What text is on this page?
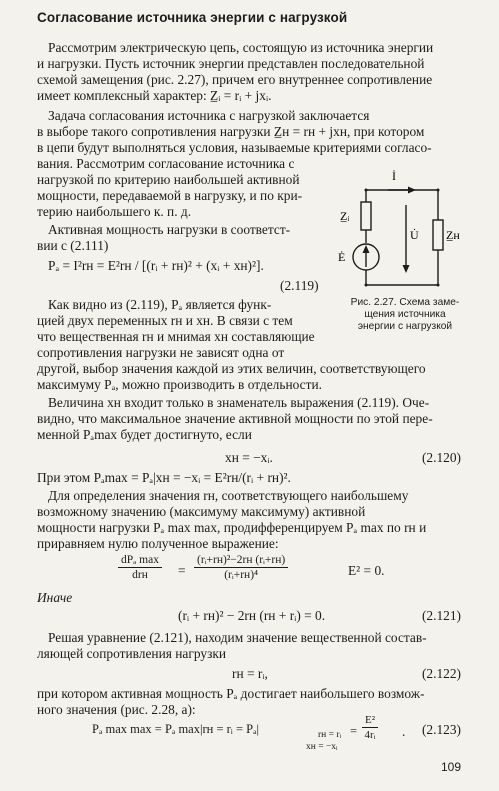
Согласование источника энергии с нагрузкой
Рассмотрим электрическую цепь, состоящую из источника энергии
и нагрузки. Пусть источник энергии представлен последовательной
схемой замещения (рис. 2.27), причем его внутреннее сопротивление
имеет комплексный характер: Z̲ᵢ = rᵢ + jxᵢ.
Задача согласования источника с нагрузкой заключается
в выборе такого сопротивления нагрузки Z̲н = rн + jxн, при котором
в цепи будут выполняться условия, называемые критериями согласо-
вания. Рассмотрим согласование источника с
нагрузкой по критерию наибольшей активной
мощности, передаваемой в нагрузку, и по кри-
терию наибольшего к. п. д.
Активная мощность нагрузки в соответст-
вии с (2.111)
Pₐ = I²rн = E²rн / [(rᵢ + rн)² + (xᵢ + xн)²].
(2.119)
İ
Z̲ᵢ
Z̲н
U̇
Ė
Рис. 2.27. Схема заме-
щения источника
энергии с нагрузкой
Как видно из (2.119), Pₐ является функ-
цией двух переменных rн и xн. В связи с тем
что вещественная rн и мнимая xн составляющие
сопротивления нагрузки не зависят одна от
другой, выбор значения каждой из этих величин, соответствующего
максимуму Pₐ, можно производить в отдельности.
Величина xн входит только в знаменатель выражения (2.119). Оче-
видно, что максимальное значение активной мощности по этой пере-
менной Pₐmax будет достигнуто, если
xн = −xᵢ.	(2.120)
При этом Pₐmax = Pₐ|xн = −xᵢ = E²rн/(rᵢ + rн)².
Для определения значения rн, соответствующего наибольшему
возможному значению (максимуму максимуму) активной
мощности нагрузки Pₐ max max, продифференцируем Pₐ max по rн и
приравняем нулю полученное выражение:
dPₐ max
drн	=
(rᵢ+rн)²−2rн (rᵢ+rн)
(rᵢ+rн)⁴	E² = 0.
Иначе
(rᵢ + rн)² − 2rн (rн + rᵢ) = 0.	(2.121)
Решая уравнение (2.121), находим значение вещественной состав-
ляющей сопротивления нагрузки
rн = rᵢ,	(2.122)
при котором активная мощность Pₐ достигает наибольшего возмож-
ного значения (рис. 2.28, а):
Pₐ max max = Pₐ max|rн = rᵢ = Pₐ|	rн = rᵢ
xн = −xᵢ
= $\frac{\text{E²}}{\text{4rᵢ}}$ . (2.123)
109
